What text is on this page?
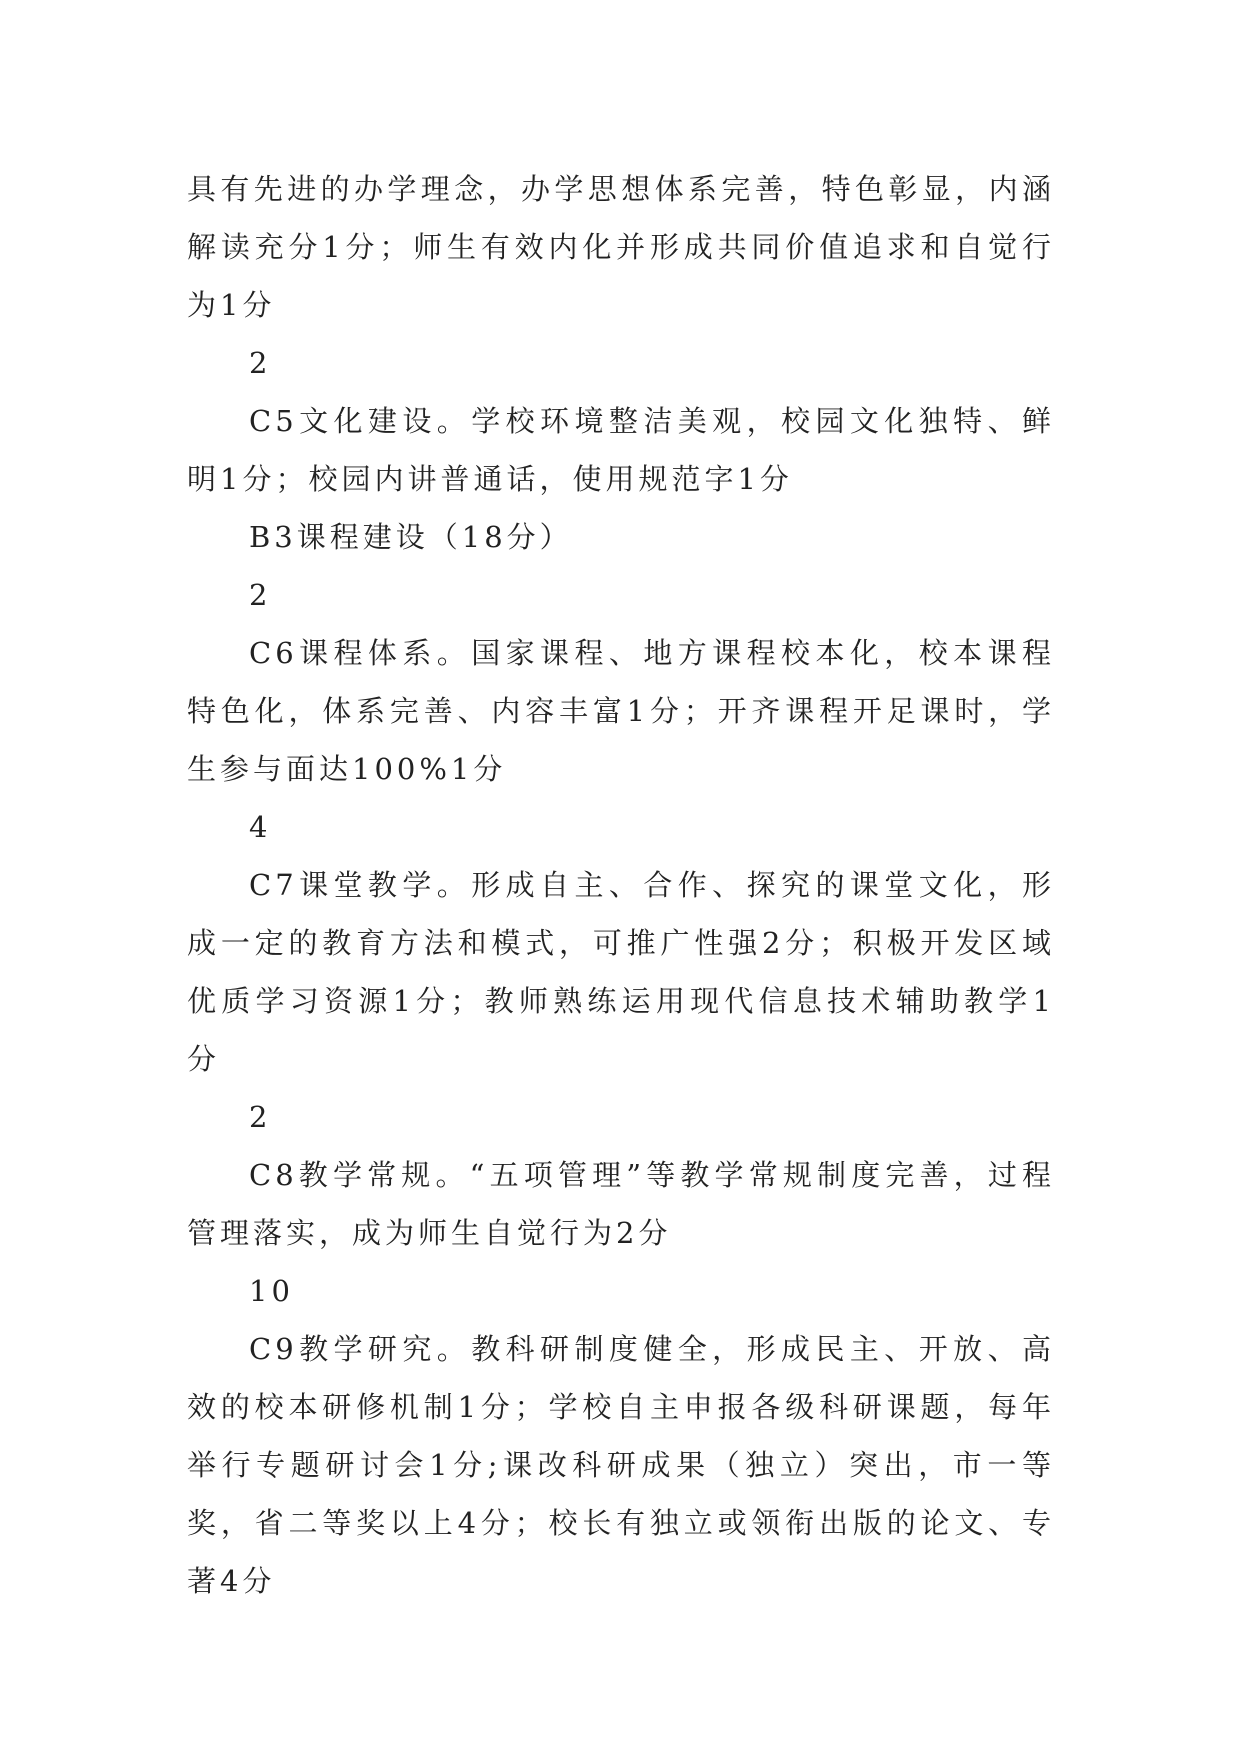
具有先进的办学理念，办学思想体系完善，特色彰显，内涵解读充分1分；师生有效内化并形成共同价值追求和自觉行为1分

2

C5文化建设。学校环境整洁美观，校园文化独特、鲜明1分；校园内讲普通话，使用规范字1分

B3课程建设（18分）

2

C6课程体系。国家课程、地方课程校本化，校本课程特色化，体系完善、内容丰富1分；开齐课程开足课时，学生参与面达100%1分

4

C7课堂教学。形成自主、合作、探究的课堂文化，形成一定的教育方法和模式，可推广性强2分；积极开发区域优质学习资源1分；教师熟练运用现代信息技术辅助教学1分

2

C8教学常规。“五项管理”等教学常规制度完善，过程管理落实，成为师生自觉行为2分

10

C9教学研究。教科研制度健全，形成民主、开放、高效的校本研修机制1分；学校自主申报各级科研课题，每年举行专题研讨会1分;课改科研成果（独立）突出，市一等奖，省二等奖以上4分；校长有独立或领衔出版的论文、专著4分
